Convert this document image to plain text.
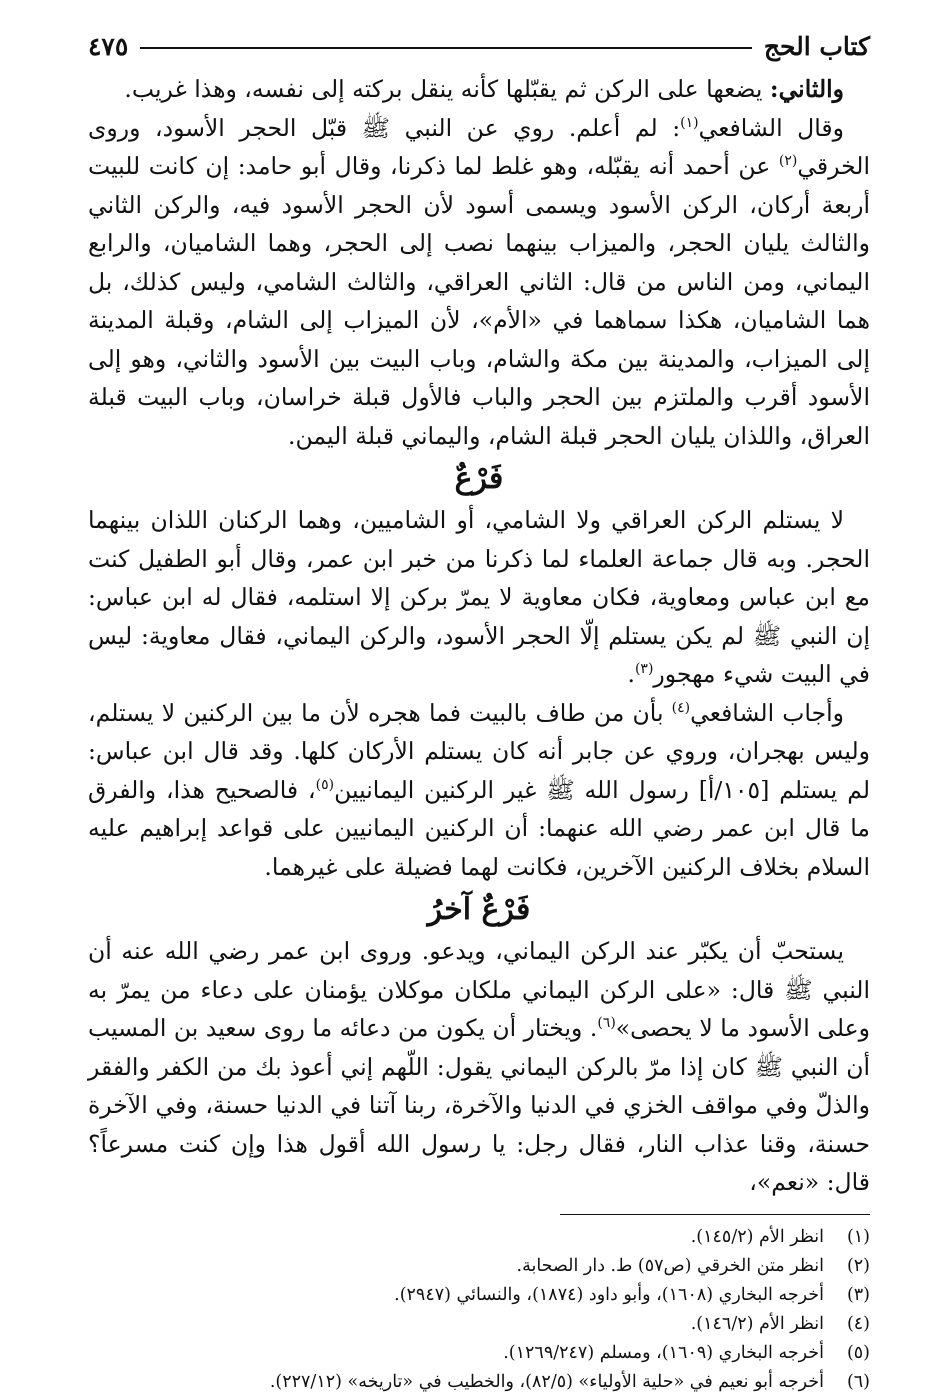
كتاب الحج
٤٧٥

والثاني: يضعها على الركن ثم يقبّلها كأنه ينقل بركته إلى نفسه، وهذا غريب.

وقال الشافعي$^{(١)}$: لم أعلم. روي عن النبي ﷺ قبّل الحجر الأسود، وروى الخرقي$^{(٢)}$ عن أحمد أنه يقبّله، وهو غلط لما ذكرنا، وقال أبو حامد: إن كانت للبيت أربعة أركان، الركن الأسود ويسمى أسود لأن الحجر الأسود فيه، والركن الثاني والثالث يليان الحجر، والميزاب بينهما نصب إلى الحجر، وهما الشاميان، والرابع اليماني، ومن الناس من قال: الثاني العراقي، والثالث الشامي، وليس كذلك، بل هما الشاميان، هكذا سماهما في «الأم»، لأن الميزاب إلى الشام، وقبلة المدينة إلى الميزاب، والمدينة بين مكة والشام، وباب البيت بين الأسود والثاني، وهو إلى الأسود أقرب والملتزم بين الحجر والباب فالأول قبلة خراسان، وباب البيت قبلة العراق، واللذان يليان الحجر قبلة الشام، واليماني قبلة اليمن.

فَرْعٌ

لا يستلم الركن العراقي ولا الشامي، أو الشاميين، وهما الركنان اللذان بينهما الحجر. وبه قال جماعة العلماء لما ذكرنا من خبر ابن عمر، وقال أبو الطفيل كنت مع ابن عباس ومعاوية، فكان معاوية لا يمرّ بركن إلا استلمه، فقال له ابن عباس: إن النبي ﷺ لم يكن يستلم إلّا الحجر الأسود، والركن اليماني، فقال معاوية: ليس في البيت شيء مهجور$^{(٣)}$.

وأجاب الشافعي$^{(٤)}$ بأن من طاف بالبيت فما هجره لأن ما بين الركنين لا يستلم، وليس بهجران، وروي عن جابر أنه كان يستلم الأركان كلها. وقد قال ابن عباس: لم يستلم [١٠٥/أ] رسول الله ﷺ غير الركنين اليمانيين$^{(٥)}$، فالصحيح هذا، والفرق ما قال ابن عمر رضي الله عنهما: أن الركنين اليمانيين على قواعد إبراهيم عليه السلام بخلاف الركنين الآخرين، فكانت لهما فضيلة على غيرهما.

فَرْعٌ آخرُ

يستحبّ أن يكبّر عند الركن اليماني، ويدعو. وروى ابن عمر رضي الله عنه أن النبي ﷺ قال: «على الركن اليماني ملكان موكلان يؤمنان على دعاء من يمرّ به وعلى الأسود ما لا يحصى»$^{(٦)}$. ويختار أن يكون من دعائه ما روى سعيد بن المسيب أن النبي ﷺ كان إذا مرّ بالركن اليماني يقول: اللّهم إني أعوذ بك من الكفر والفقر والذلّ وفي مواقف الخزي في الدنيا والآخرة، ربنا آتنا في الدنيا حسنة، وفي الآخرة حسنة، وقنا عذاب النار، فقال رجل: يا رسول الله أقول هذا وإن كنت مسرعاً؟ قال: «نعم»،

(١)
انظر الأم (١٤٥/٢).
(٢)
انظر متن الخرقي (ص٥٧) ط. دار الصحابة.
(٣)
أخرجه البخاري (١٦٠٨)، وأبو داود (١٨٧٤)، والنسائي (٢٩٤٧).
(٤)
انظر الأم (١٤٦/٢).
(٥)
أخرجه البخاري (١٦٠٩)، ومسلم (١٢٦٩/٢٤٧).
(٦)
أخرجه أبو نعيم في «حلية الأولياء» (٨٢/٥)، والخطيب في «تاريخه» (٢٢٧/١٢).
